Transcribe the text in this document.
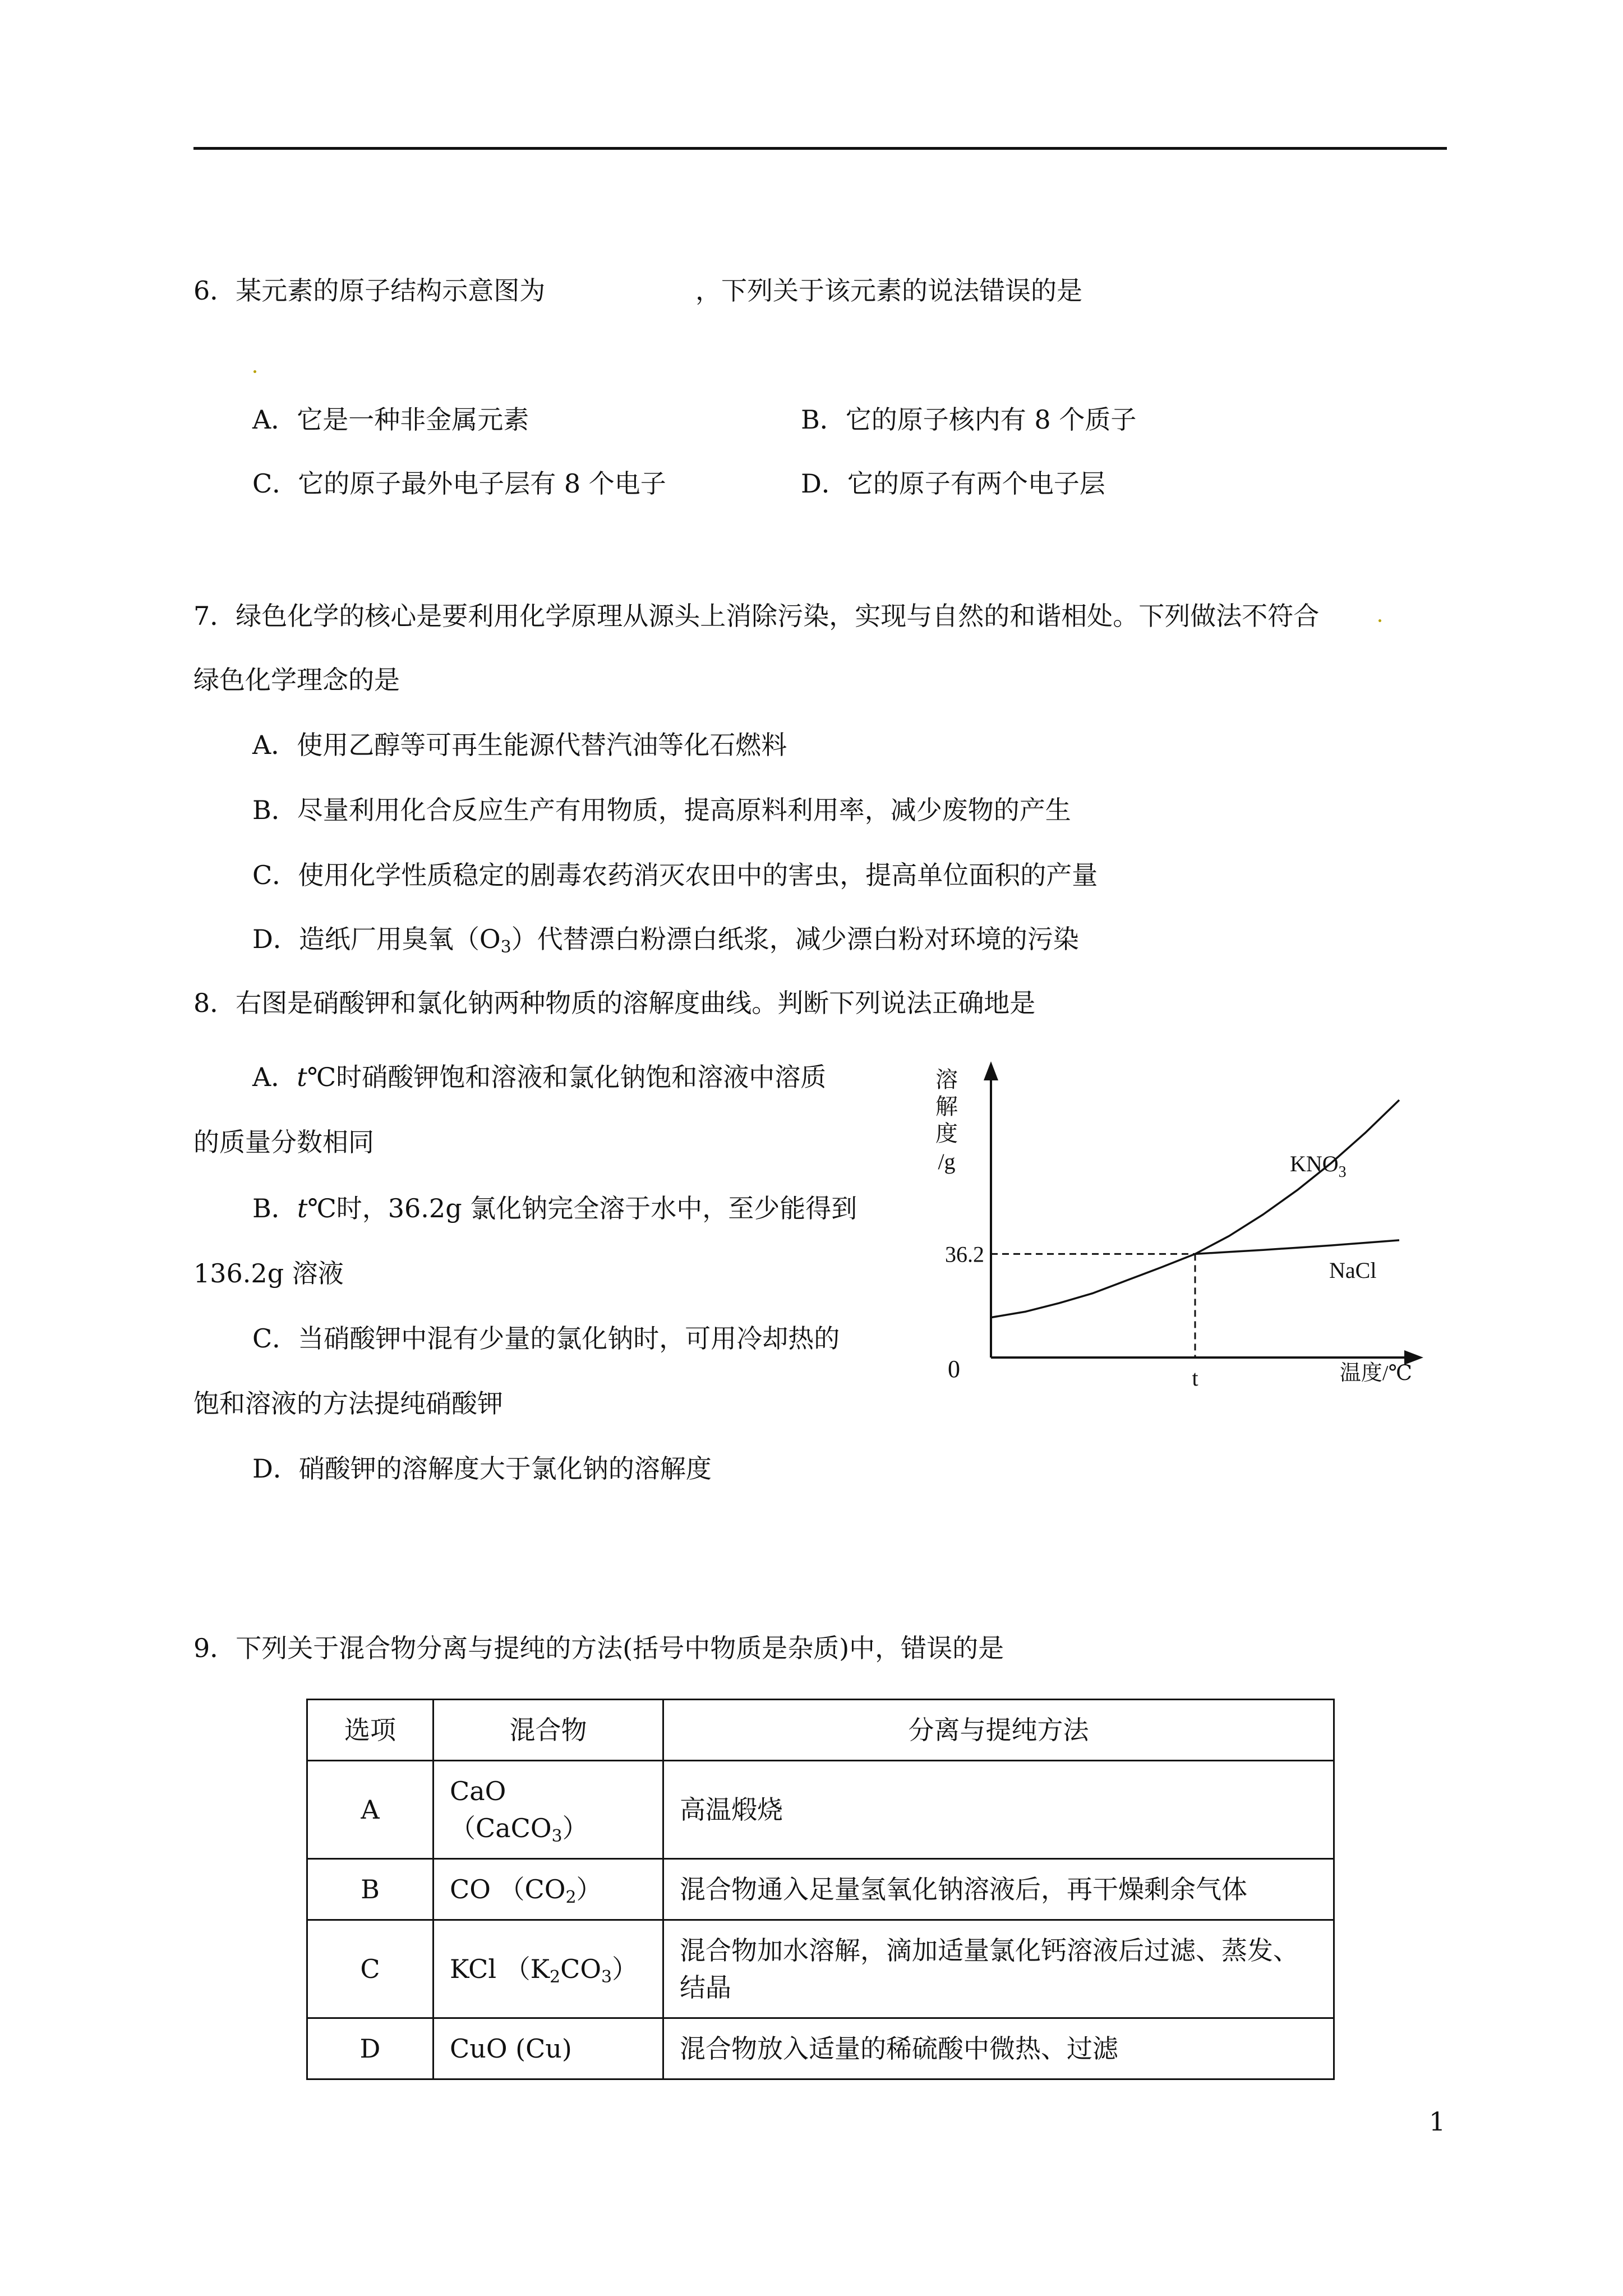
6．某元素的原子结构示意图为	，下列关于该元素的说法错误的是
A．它是一种非金属元素	B．它的原子核内有 8 个质子
C．它的原子最外电子层有 8 个电子	D．它的原子有两个电子层
7．绿色化学的核心是要利用化学原理从源头上消除污染，实现与自然的和谐相处。下列做法不符合
绿色化学理念的是
A．使用乙醇等可再生能源代替汽油等化石燃料
B．尽量利用化合反应生产有用物质，提高原料利用率，减少废物的产生
C．使用化学性质稳定的剧毒农药消灭农田中的害虫，提高单位面积的产量
D．造纸厂用臭氧$(O_3)$代替漂白粉漂白纸浆，减少漂白粉对环境的污染
8．右图是硝酸钾和氯化钠两种物质的溶解度曲线。判断下列说法正确地是
A．t℃时硝酸钾饱和溶液和氯化钠饱和溶液中溶质
的质量分数相同
B．t℃时，36.2g 氯化钠完全溶于水中，至少能得到
136.2g 溶液
C．当硝酸钾中混有少量的氯化钠时，可用冷却热的
饱和溶液的方法提纯硝酸钾
D．硝酸钾的溶解度大于氯化钠的溶解度
溶
解
度
/g
36.2
t
$KNO_3$
NaCl
0	温度/℃
9．下列关于混合物分离与提纯的方法(括号中物质是杂质)中，错误的是
选项	混合物	分离与提纯方法
A	CaO （CaCO$_3$）	高温煅烧
B	CO $(CO_2)$	混合物通入足量氢氧化钠溶液后，再干燥剩余气体
C	KCl $(K_2CO_3)$	混合物加水溶解，滴加适量氯化钙溶液后过滤、蒸发、结晶
D	CuO (Cu)	混合物放入适量的稀硫酸中微热、过滤
1
